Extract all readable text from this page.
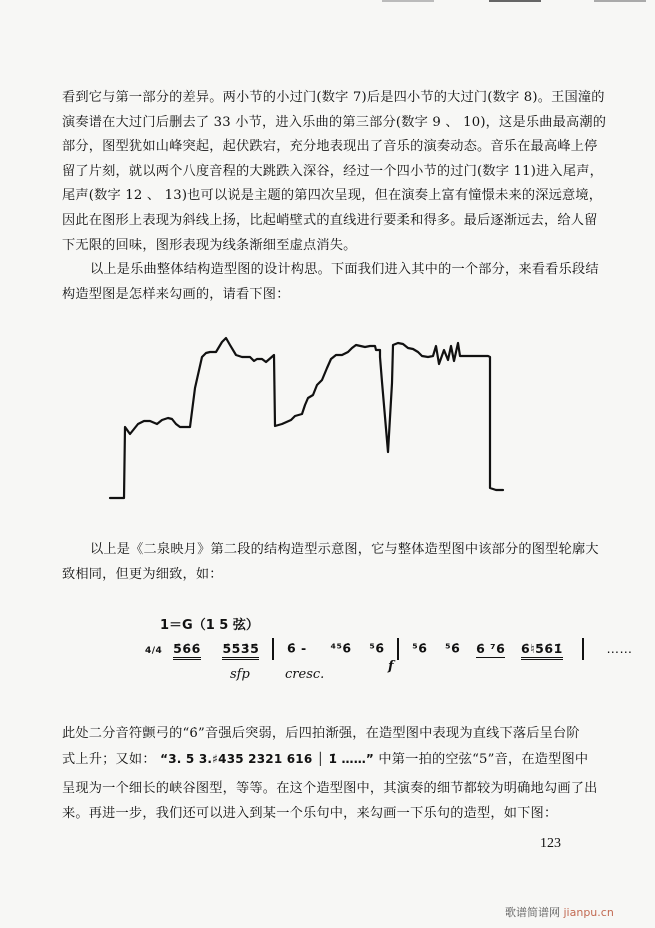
看到它与第一部分的差异。两小节的小过门(数字 7)后是四小节的大过门(数字 8)。王国潼的
演奏谱在大过门后删去了 33 小节，进入乐曲的第三部分(数字 9 、 10)，这是乐曲最高潮的
部分，图型犹如山峰突起，起伏跌宕，充分地表现出了音乐的演奏动态。音乐在最高峰上停
留了片刻，就以两个八度音程的大跳跌入深谷，经过一个四小节的过门(数字 11)进入尾声，
尾声(数字 12 、 13)也可以说是主题的第四次呈现，但在演奏上富有憧憬未来的深远意境，
因此在图形上表现为斜线上扬，比起峭壁式的直线进行要柔和得多。最后逐渐远去，给人留
下无限的回味，图形表现为线条渐细至虚点消失。
以上是乐曲整体结构造型图的设计构思。下面我们进入其中的一个部分，来看看乐段结
构造型图是怎样来勾画的，请看下图：
以上是《二泉映月》第二段的结构造型示意图，它与整体造型图中该部分的图型轮廓大
致相同，但更为细致，如：
1＝G（1 5 弦）
4/4 5̇6̇6̇ 5̇5̇3̇5̇ 6̇ - ⁴⁵6̇ ⁵6̇ ⁵6̇ ⁵6̇ 6̇ ⁷6̇ 6̇♮5̇6̇1̇	……
sfp	cresc.
f
此处二分音符颤弓的“6̇”音强后突弱，后四拍渐强，在造型图中表现为直线下落后呈台阶
式上升；又如： “3. 5 3.♯435 2321 616 │ 1̇ ……” 中第一拍的空弦“5”音，在造型图中
呈现为一个细长的峡谷图型，等等。在这个造型图中，其演奏的细节都较为明确地勾画了出
来。再进一步，我们还可以进入到某一个乐句中，来勾画一下乐句的造型，如下图：
123
歌谱简谱网 jianpu.cn
